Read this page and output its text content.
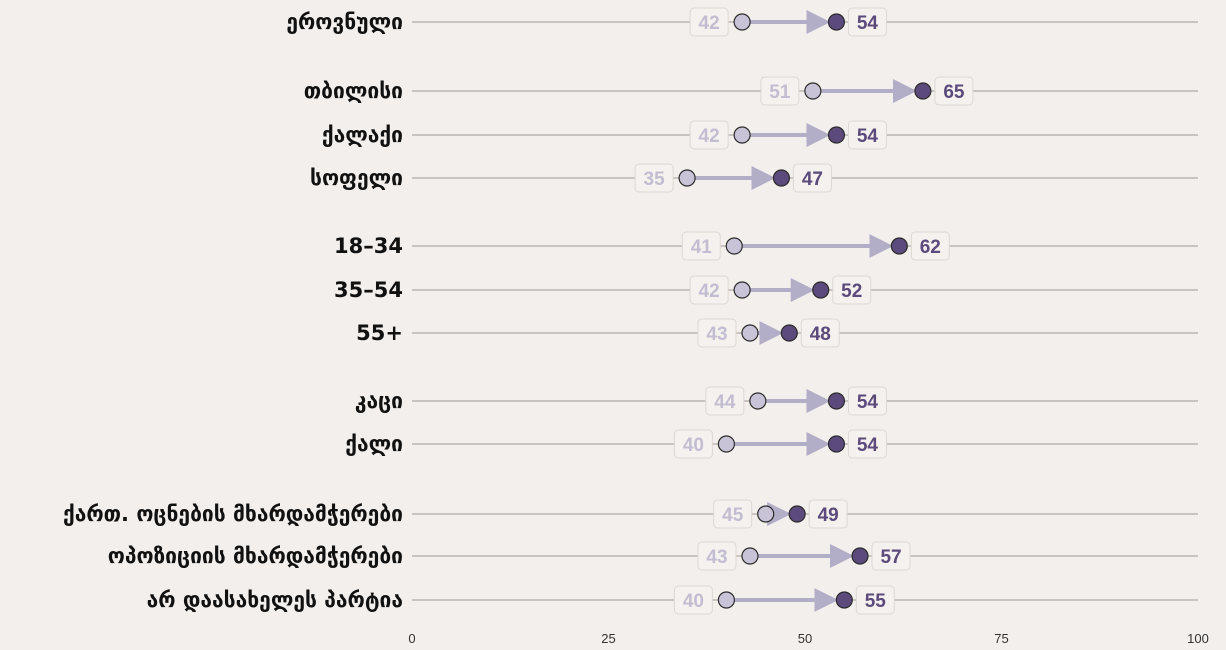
ეროვნული	42	54
თბილისი	51	65
ქალაქი	42	54
სოფელი	35	47
18–34	41	62
35–54	42	52
55+	43	48
კაცი	44	54
ქალი	40	54
ქართ. ოცნების მხარდამჭერები	45	49
ოპოზიციის მხარდამჭერები	43	57
არ დაასახელეს პარტია	40	55
0	25	50	75	100
